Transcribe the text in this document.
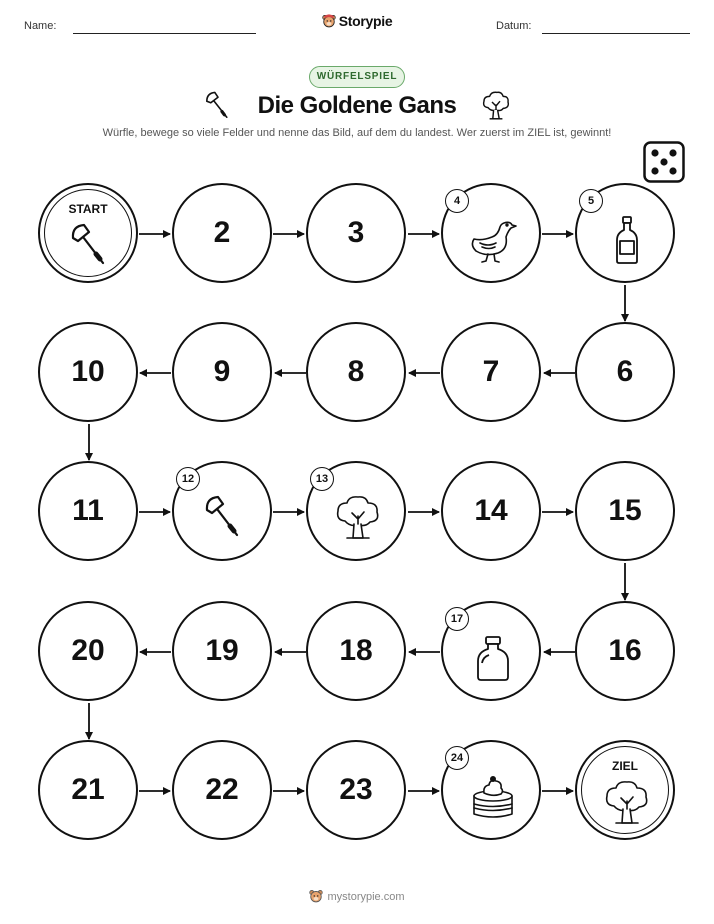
Name:	Storypie	Datum:
WÜRFELSPIEL
Die Goldene Gans
Würfle, bewege so viele Felder und nenne das Bild, auf dem du landest. Wer zuerst im ZIEL ist, gewinnt!
START
2	3
4	5
10	9	8	7	6
11
12	13
14	15
20	19	18
17
16
21	22	23
24
ZIEL
mystorypie.com
